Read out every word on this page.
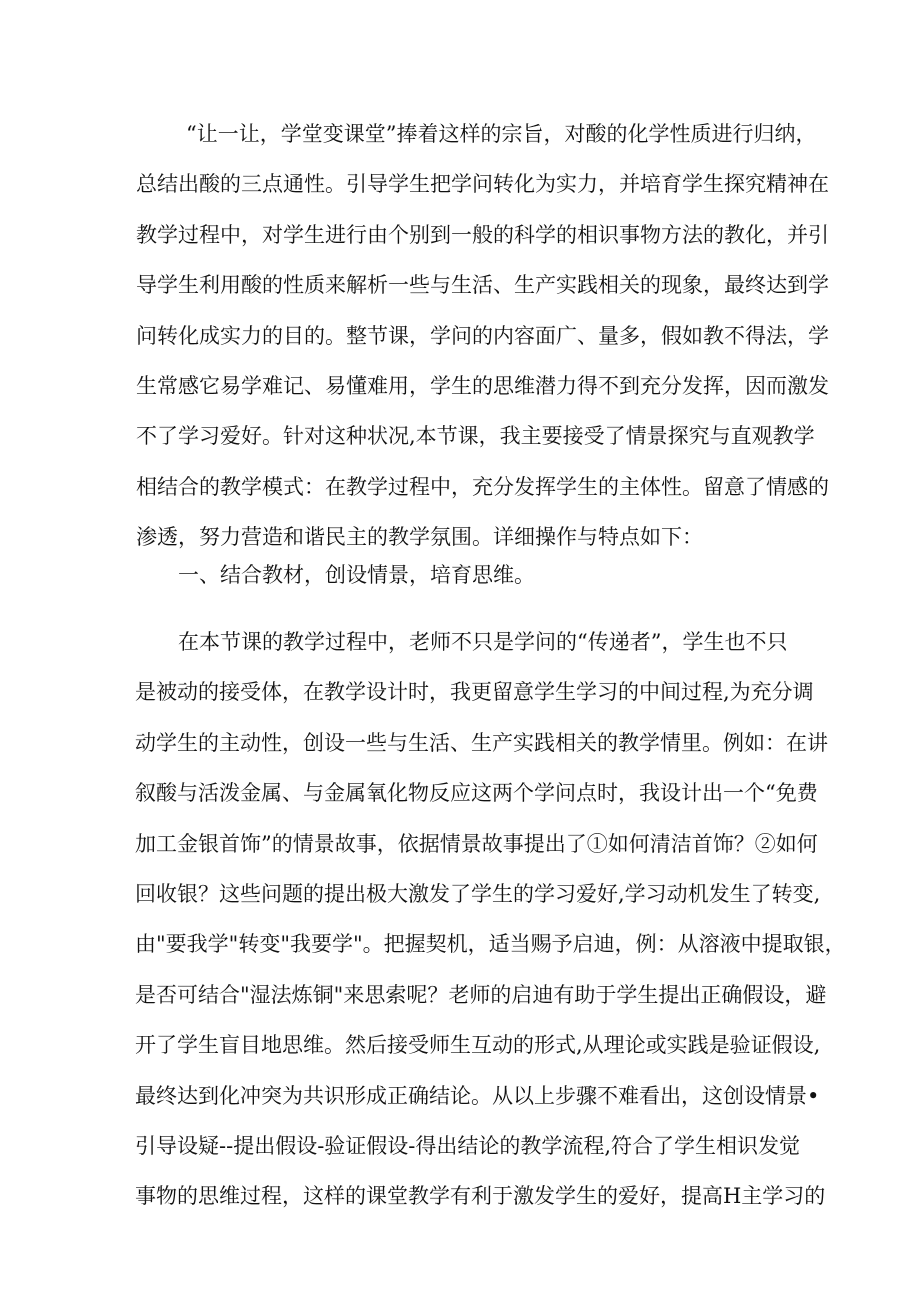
“让一让，学堂变课堂”捧着这样的宗旨，对酸的化学性质进行归纳，
总结出酸的三点通性。引导学生把学问转化为实力，并培育学生探究精神在
教学过程中，对学生进行由个别到一般的科学的相识事物方法的教化，并引
导学生利用酸的性质来解析一些与生活、生产实践相关的现象，最终达到学
问转化成实力的目的。整节课，学问的内容面广、量多，假如教不得法，学
生常感它易学难记、易懂难用，学生的思维潜力得不到充分发挥，因而激发
不了学习爱好。针对这种状况,本节课，我主要接受了情景探究与直观教学
相结合的教学模式：在教学过程中，充分发挥学生的主体性。留意了情感的
渗透，努力营造和谐民主的教学氛围。详细操作与特点如下：
一、结合教材，创设情景，培育思维。
在本节课的教学过程中，老师不只是学问的“传递者”，学生也不只
是被动的接受体，在教学设计时，我更留意学生学习的中间过程,为充分调
动学生的主动性，创设一些与生活、生产实践相关的教学情里。例如：在讲
叙酸与活泼金属、与金属氧化物反应这两个学问点时，我设计出一个“免费
加工金银首饰”的情景故事，依据情景故事提出了①如何清洁首饰？②如何
回收银？这些问题的提出极大激发了学生的学习爱好,学习动机发生了转变,
由"要我学"转变"我要学"。把握契机，适当赐予启迪，例：从溶液中提取银，
是否可结合"湿法炼铜"来思索呢？老师的启迪有助于学生提出正确假设，避
开了学生盲目地思维。然后接受师生互动的形式,从理论或实践是验证假设,
最终达到化冲突为共识形成正确结论。从以上步骤不难看出，这创设情景•
引导设疑--提出假设-验证假设-得出结论的教学流程,符合了学生相识发觉
事物的思维过程，这样的课堂教学有利于激发学生的爱好，提高H主学习的
